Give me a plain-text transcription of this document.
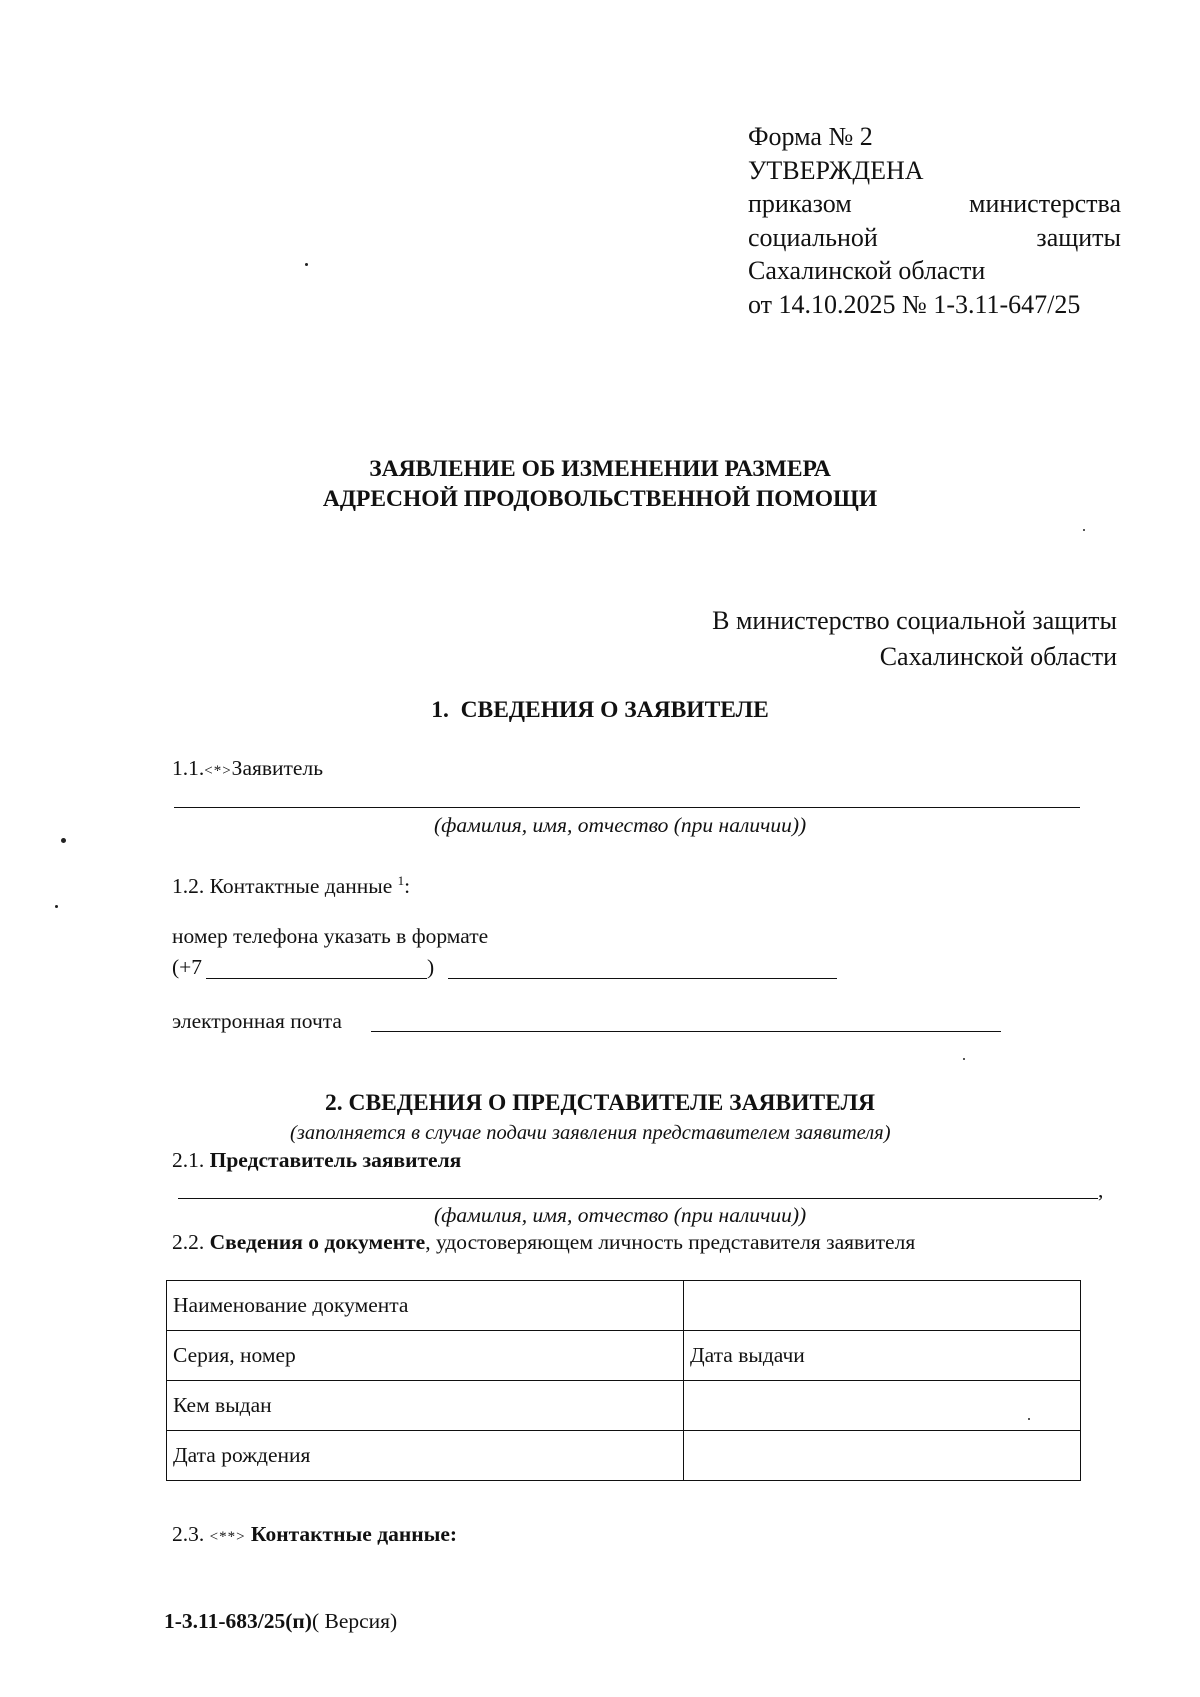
Форма № 2
УТВЕРЖДЕНА
приказом	министерства
социальной	защиты
Сахалинской области
от 14.10.2025 № 1-3.11-647/25
ЗАЯВЛЕНИЕ ОБ ИЗМЕНЕНИИ РАЗМЕРА
АДРЕСНОЙ ПРОДОВОЛЬСТВЕННОЙ ПОМОЩИ
В министерство социальной защиты
Сахалинской области
1. СВЕДЕНИЯ О ЗАЯВИТЕЛЕ
1.1.<*>Заявитель
(фамилия, имя, отчество (при наличии))
1.2. Контактные данные $^1$:
номер телефона указать в формате
(+7	)
электронная почта
2. СВЕДЕНИЯ О ПРЕДСТАВИТЕЛЕ ЗАЯВИТЕЛЯ
(заполняется в случае подачи заявления представителем заявителя)
2.1. Представитель заявителя
,
(фамилия, имя, отчество (при наличии))
2.2. Сведения о документе, удостоверяющем личность представителя заявителя
Наименование документа	
Серия, номер	Дата выдачи
Кем выдан	
Дата рождения	
2.3. <**> Контактные данные:
1-3.11-683/25(п)( Версия)
